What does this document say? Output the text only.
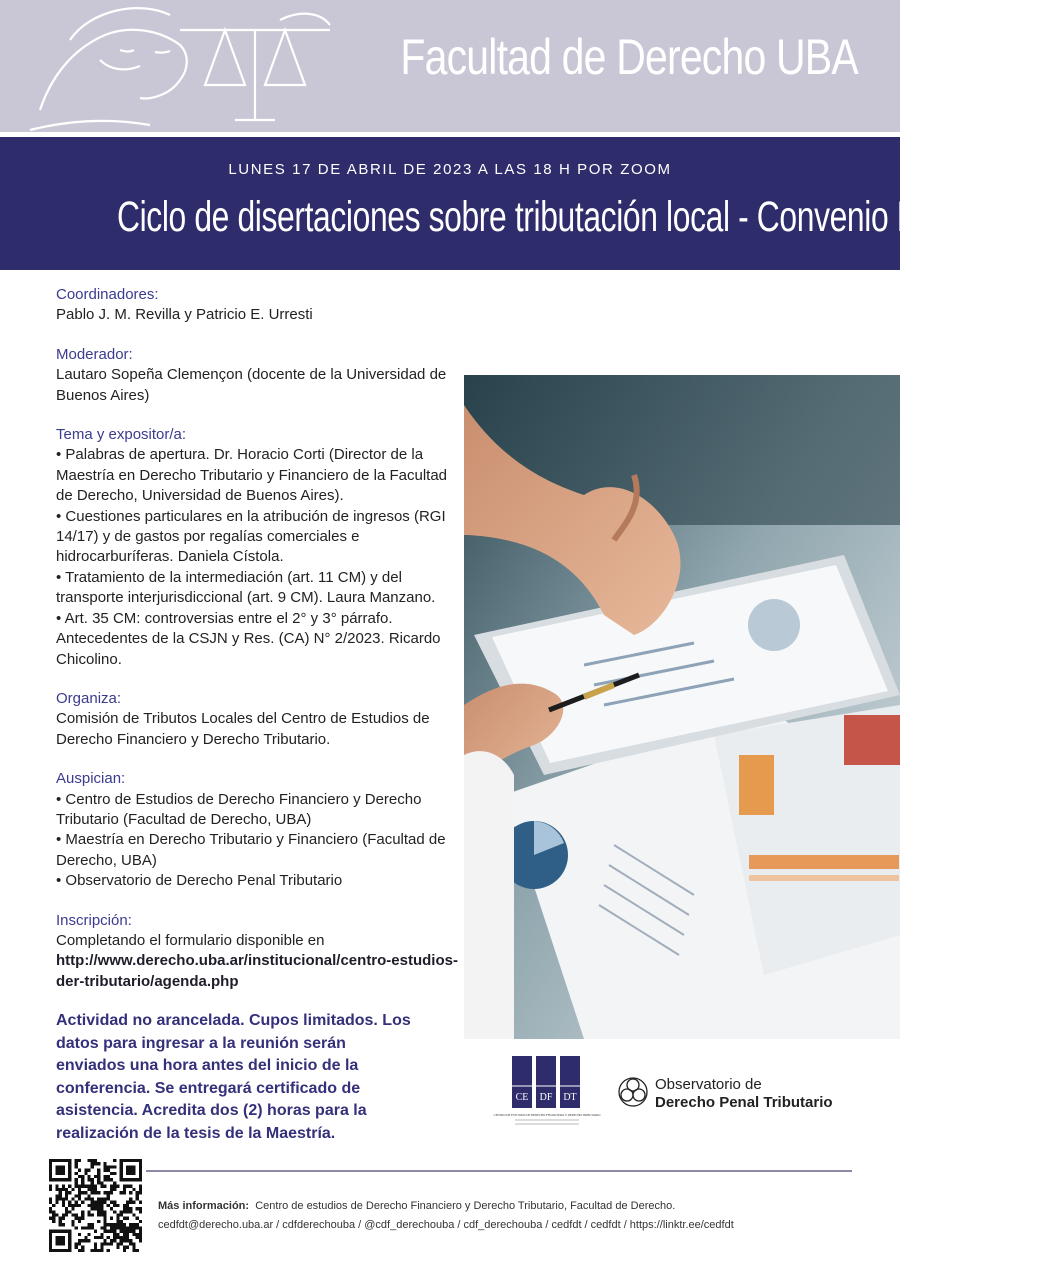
Facultad de Derecho UBA
LUNES 17 DE ABRIL DE 2023 A LAS 18 H POR ZOOM
Ciclo de disertaciones sobre tributación local - Convenio Multilateral
Coordinadores:

Pablo J. M. Revilla y Patricio E. Urresti

Moderador:

Lautaro Sopeña Clemençon (docente de la Universidad de Buenos Aires)

Tema y expositor/a:

• Palabras de apertura. Dr. Horacio Corti (Director de la Maestría en Derecho Tributario y Financiero de la Facultad de Derecho, Universidad de Buenos Aires).

• Cuestiones particulares en la atribución de ingresos (RGI 14/17) y de gastos por regalías comerciales e hidrocarburíferas. Daniela Cístola.

• Tratamiento de la intermediación (art. 11 CM) y del transporte interjurisdiccional (art. 9 CM). Laura Manzano.

• Art. 35 CM: controversias entre el 2° y 3° párrafo. Antecedentes de la CSJN y Res. (CA) N° 2/2023. Ricardo Chicolino.

Organiza:

Comisión de Tributos Locales del Centro de Estudios de Derecho Financiero y Derecho Tributario.

Auspician:

• Centro de Estudios de Derecho Financiero y Derecho Tributario (Facultad de Derecho, UBA)

• Maestría en Derecho Tributario y Financiero (Facultad de Derecho, UBA)

• Observatorio de Derecho Penal Tributario

Inscripción:

Completando el formulario disponible en

http://www.derecho.uba.ar/institucional/centro-estudios-der-tributario/agenda.php

Actividad no arancelada. Cupos limitados. Los datos para ingresar a la reunión serán enviados una hora antes del inicio de la conferencia. Se entregará certificado de asistencia. Acredita dos (2) horas para la realización de la tesis de la Maestría.
CE DF DT
CENTRO DE ESTUDIOS DE DERECHO FINANCIERO Y DERECHO TRIBUTARIO
Observatorio de
Derecho Penal Tributario
Más información: Centro de estudios de Derecho Financiero y Derecho Tributario, Facultad de Derecho.
cedfdt@derecho.uba.ar / cdfderechouba / @cdf_derechouba / cdf_derechouba / cedfdt / cedfdt / https://linktr.ee/cedfdt
